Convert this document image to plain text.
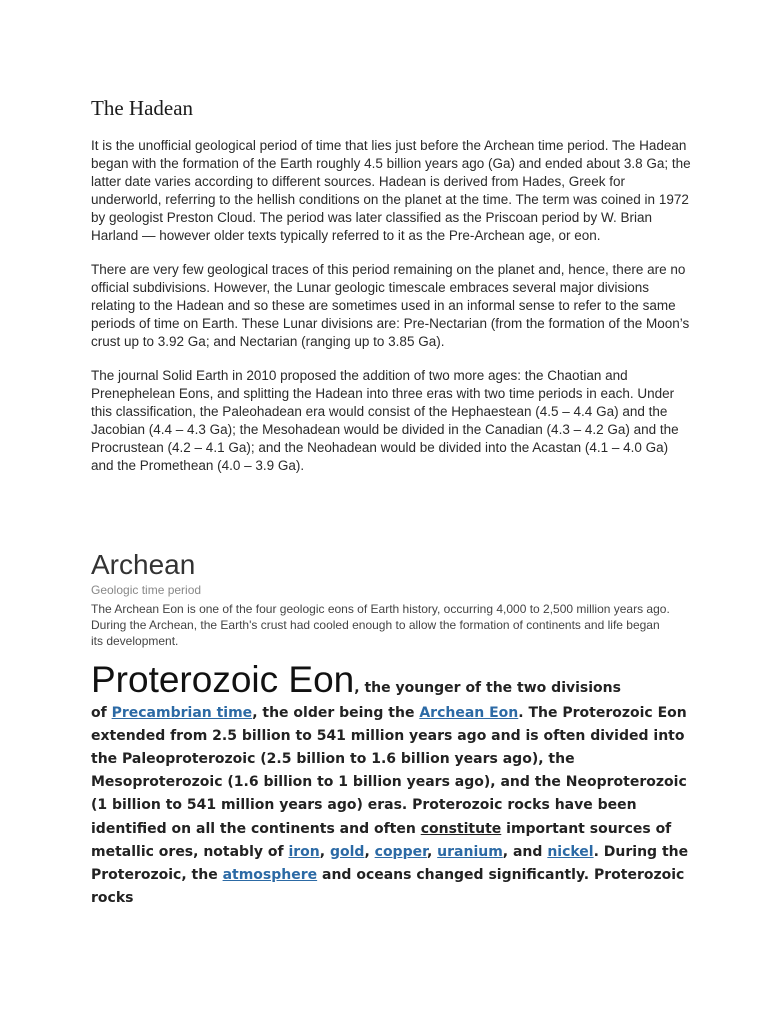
The Hadean

It is the unofficial geological period of time that lies just before the Archean time period. The Hadean began with the formation of the Earth roughly 4.5 billion years ago (Ga) and ended about 3.8 Ga; the latter date varies according to different sources. Hadean is derived from Hades, Greek for underworld, referring to the hellish conditions on the planet at the time. The term was coined in 1972 by geologist Preston Cloud. The period was later classified as the Priscoan period by W. Brian Harland — however older texts typically referred to it as the Pre-Archean age, or eon.

There are very few geological traces of this period remaining on the planet and, hence, there are no official subdivisions. However, the Lunar geologic timescale embraces several major divisions relating to the Hadean and so these are sometimes used in an informal sense to refer to the same periods of time on Earth. These Lunar divisions are: Pre-Nectarian (from the formation of the Moon’s crust up to 3.92 Ga; and Nectarian (ranging up to 3.85 Ga).

The journal Solid Earth in 2010 proposed the addition of two more ages: the Chaotian and Prenephelean Eons, and splitting the Hadean into three eras with two time periods in each. Under this classification, the Paleohadean era would consist of the Hephaestean (4.5 – 4.4 Ga) and the Jacobian (4.4 – 4.3 Ga); the Mesohadean would be divided in the Canadian (4.3 – 4.2 Ga) and the Procrustean (4.2 – 4.1 Ga); and the Neohadean would be divided into the Acastan (4.1 – 4.0 Ga) and the Promethean (4.0 – 3.9 Ga).

Archean
Geologic time period

The Archean Eon is one of the four geologic eons of Earth history, occurring 4,000 to 2,500 million years ago. During the Archean, the Earth's crust had cooled enough to allow the formation of continents and life began its development.

Proterozoic Eon, the younger of the two divisions
of Precambrian time, the older being the Archean Eon. The Proterozoic Eon extended from 2.5 billion to 541 million years ago and is often divided into the Paleoproterozoic (2.5 billion to 1.6 billion years ago), the Mesoproterozoic (1.6 billion to 1 billion years ago), and the Neoproterozoic (1 billion to 541 million years ago) eras. Proterozoic rocks have been identified on all the continents and often constitute important sources of metallic ores, notably of iron, gold, copper, uranium, and nickel. During the Proterozoic, the atmosphere and oceans changed significantly. Proterozoic rocks
